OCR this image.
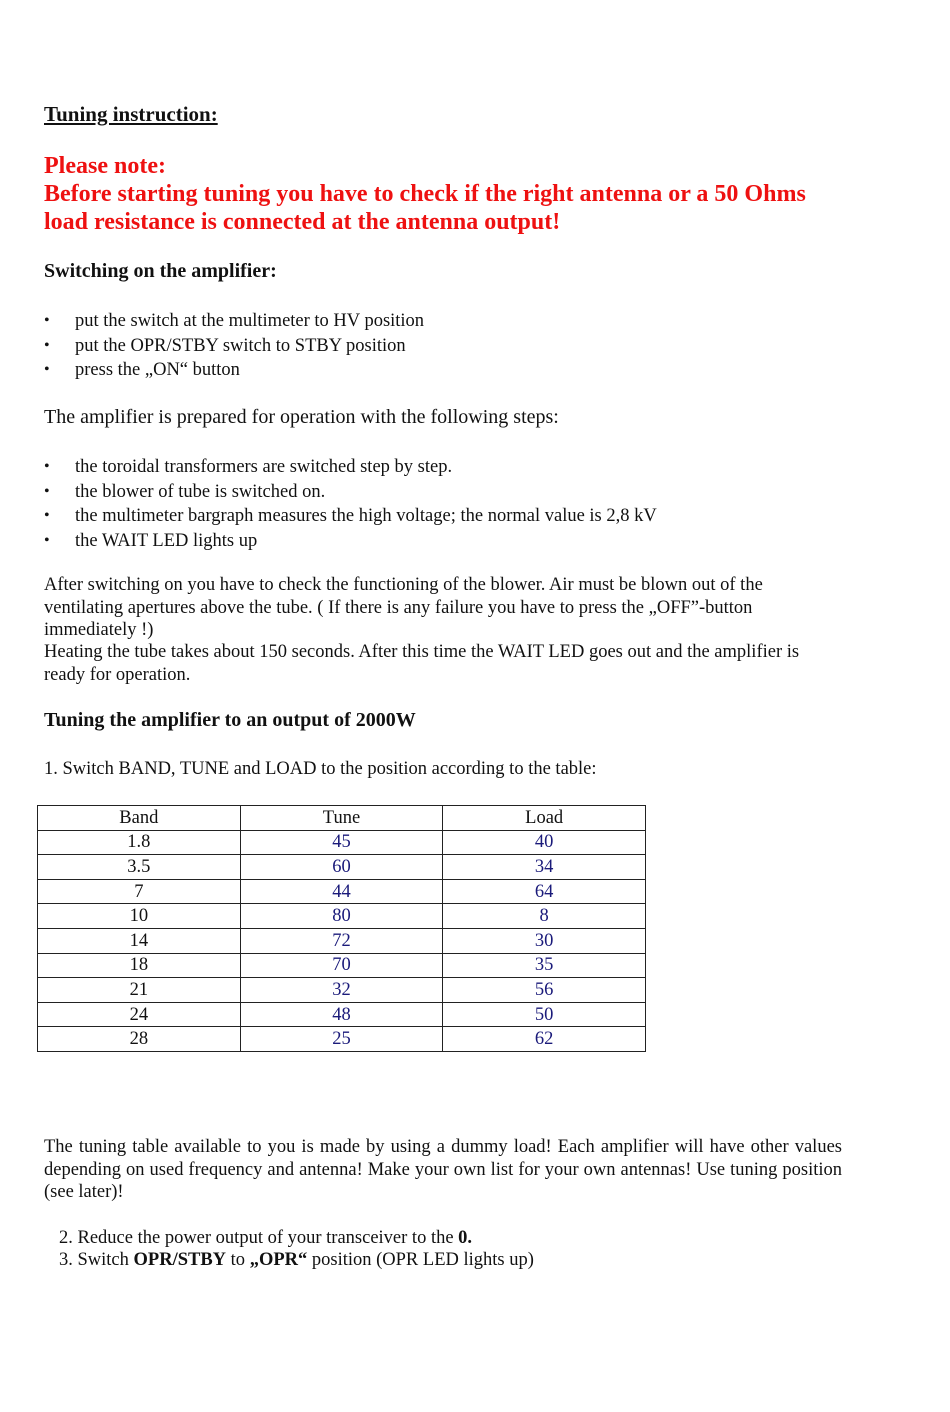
Tuning instruction:
Please note:
Before starting tuning you have to check if the right antenna or a 50 Ohms load resistance is connected at the antenna output!
Switching on the amplifier:
• put the switch at the multimeter to HV position
• put the OPR/STBY switch to STBY position
• press the „ON“ button
The amplifier is prepared for operation with the following steps:
• the toroidal transformers are switched step by step.
• the blower of tube is switched on.
• the multimeter bargraph measures the high voltage; the normal value is 2,8 kV
• the WAIT LED lights up
After switching on you have to check the functioning of the blower. Air must be blown out of the ventilating apertures above the tube. ( If there is any failure you have to press the „OFF”-button immediately !)
Heating the tube takes about 150 seconds. After this time the WAIT LED goes out and the amplifier is ready for operation.
Tuning the amplifier to an output of 2000W
1. Switch BAND, TUNE and LOAD to the position according to the table:
The tuning table available to you is made by using a dummy load! Each amplifier will have other values depending on used frequency and antenna! Make your own list for your own antennas! Use tuning position (see later)!
2. Reduce the power output of your transceiver to the 0.
3. Switch OPR/STBY to „OPR“ position (OPR LED lights up)
Band	Tune	Load
1.8	45	40
3.5	60	34
7	44	64
10	80	8
14	72	30
18	70	35
21	32	56
24	48	50
28	25	62
